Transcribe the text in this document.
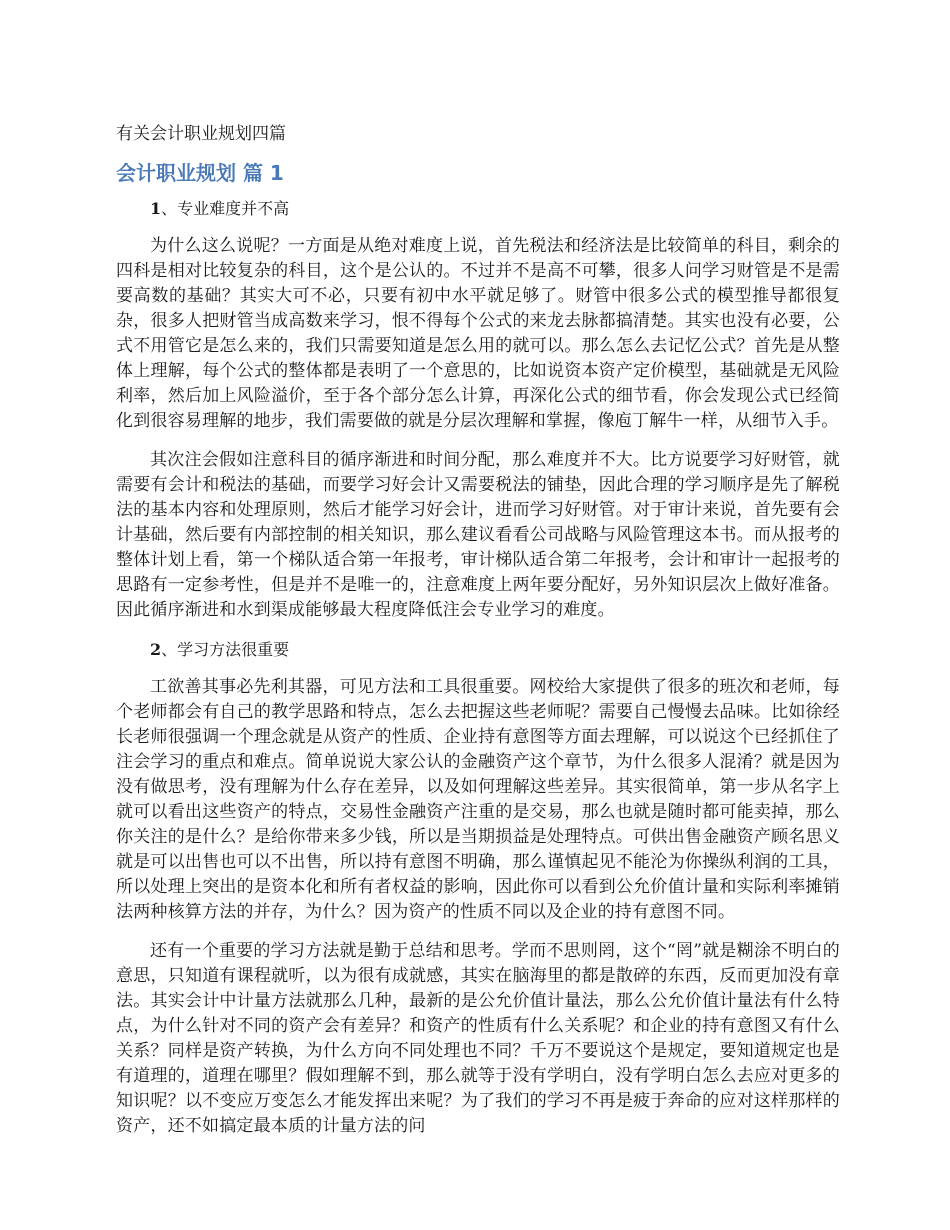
有关会计职业规划四篇

会计职业规划 篇 1

1、专业难度并不高

为什么这么说呢？一方面是从绝对难度上说，首先税法和经济法是比较简单的科目，剩余的四科是相对比较复杂的科目，这个是公认的。不过并不是高不可攀，很多人问学习财管是不是需要高数的基础？其实大可不必，只要有初中水平就足够了。财管中很多公式的模型推导都很复杂，很多人把财管当成高数来学习，恨不得每个公式的来龙去脉都搞清楚。其实也没有必要，公式不用管它是怎么来的，我们只需要知道是怎么用的就可以。那么怎么去记忆公式？首先是从整体上理解，每个公式的整体都是表明了一个意思的，比如说资本资产定价模型，基础就是无风险利率，然后加上风险溢价，至于各个部分怎么计算，再深化公式的细节看，你会发现公式已经简化到很容易理解的地步，我们需要做的就是分层次理解和掌握，像庖丁解牛一样，从细节入手。

其次注会假如注意科目的循序渐进和时间分配，那么难度并不大。比方说要学习好财管，就需要有会计和税法的基础，而要学习好会计又需要税法的铺垫，因此合理的学习顺序是先了解税法的基本内容和处理原则，然后才能学习好会计，进而学习好财管。对于审计来说，首先要有会计基础，然后要有内部控制的相关知识，那么建议看看公司战略与风险管理这本书。而从报考的整体计划上看，第一个梯队适合第一年报考，审计梯队适合第二年报考，会计和审计一起报考的思路有一定参考性，但是并不是唯一的，注意难度上两年要分配好，另外知识层次上做好准备。因此循序渐进和水到渠成能够最大程度降低注会专业学习的难度。

2、学习方法很重要

工欲善其事必先利其器，可见方法和工具很重要。网校给大家提供了很多的班次和老师，每个老师都会有自己的教学思路和特点，怎么去把握这些老师呢？需要自己慢慢去品味。比如徐经长老师很强调一个理念就是从资产的性质、企业持有意图等方面去理解，可以说这个已经抓住了注会学习的重点和难点。简单说说大家公认的金融资产这个章节，为什么很多人混淆？就是因为没有做思考，没有理解为什么存在差异，以及如何理解这些差异。其实很简单，第一步从名字上就可以看出这些资产的特点，交易性金融资产注重的是交易，那么也就是随时都可能卖掉，那么你关注的是什么？是给你带来多少钱，所以是当期损益是处理特点。可供出售金融资产顾名思义就是可以出售也可以不出售，所以持有意图不明确，那么谨慎起见不能沦为你操纵利润的工具，所以处理上突出的是资本化和所有者权益的影响，因此你可以看到公允价值计量和实际利率摊销法两种核算方法的并存，为什么？因为资产的性质不同以及企业的持有意图不同。

还有一个重要的学习方法就是勤于总结和思考。学而不思则罔，这个“罔”就是糊涂不明白的意思，只知道有课程就听，以为很有成就感，其实在脑海里的都是散碎的东西，反而更加没有章法。其实会计中计量方法就那么几种，最新的是公允价值计量法，那么公允价值计量法有什么特点，为什么针对不同的资产会有差异？和资产的性质有什么关系呢？和企业的持有意图又有什么关系？同样是资产转换，为什么方向不同处理也不同？千万不要说这个是规定，要知道规定也是有道理的，道理在哪里？假如理解不到，那么就等于没有学明白，没有学明白怎么去应对更多的知识呢？以不变应万变怎么才能发挥出来呢？为了我们的学习不再是疲于奔命的应对这样那样的资产，还不如搞定最本质的计量方法的问
